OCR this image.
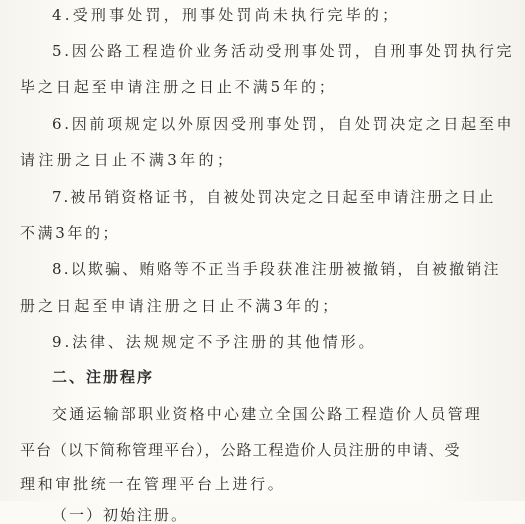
4.受刑事处罚，刑事处罚尚未执行完毕的；
5.因公路工程造价业务活动受刑事处罚，自刑事处罚执行完
毕之日起至申请注册之日止不满5年的；
6.因前项规定以外原因受刑事处罚，自处罚决定之日起至申
请注册之日止不满3年的；
7.被吊销资格证书，自被处罚决定之日起至申请注册之日止
不满3年的；
8.以欺骗、贿赂等不正当手段获准注册被撤销，自被撤销注
册之日起至申请注册之日止不满3年的；
9.法律、法规规定不予注册的其他情形。
二、注册程序
交通运输部职业资格中心建立全国公路工程造价人员管理
平台（以下简称管理平台），公路工程造价人员注册的申请、受
理和审批统一在管理平台上进行。
（一）初始注册。
